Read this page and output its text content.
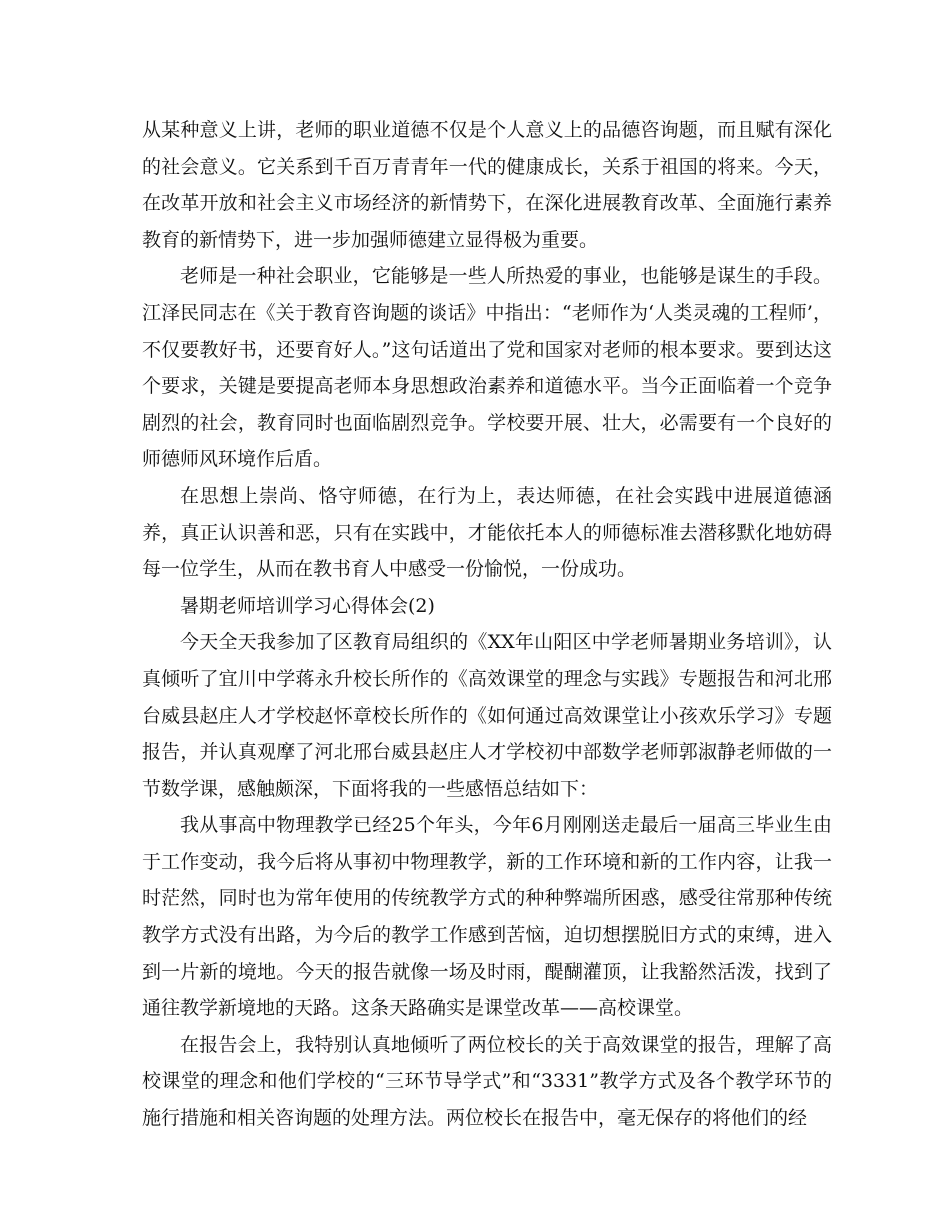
从某种意义上讲，老师的职业道德不仅是个人意义上的品德咨询题，而且赋有深化的社会意义。它关系到千百万青青年一代的健康成长，关系于祖国的将来。今天，在改革开放和社会主义市场经济的新情势下，在深化进展教育改革、全面施行素养教育的新情势下，进一步加强师德建立显得极为重要。

老师是一种社会职业，它能够是一些人所热爱的事业，也能够是谋生的手段。江泽民同志在《关于教育咨询题的谈话》中指出：“老师作为‘人类灵魂的工程师’，不仅要教好书，还要育好人。”这句话道出了党和国家对老师的根本要求。要到达这个要求，关键是要提高老师本身思想政治素养和道德水平。当今正面临着一个竞争剧烈的社会，教育同时也面临剧烈竞争。学校要开展、壮大，必需要有一个良好的师德师风环境作后盾。

在思想上崇尚、恪守师德，在行为上，表达师德，在社会实践中进展道德涵养，真正认识善和恶，只有在实践中，才能依托本人的师德标准去潜移默化地妨碍每一位学生，从而在教书育人中感受一份愉悦，一份成功。

暑期老师培训学习心得体会(2)

今天全天我参加了区教育局组织的《XX年山阳区中学老师暑期业务培训》，认真倾听了宜川中学蒋永升校长所作的《高效课堂的理念与实践》专题报告和河北邢台威县赵庄人才学校赵怀章校长所作的《如何通过高效课堂让小孩欢乐学习》专题报告，并认真观摩了河北邢台威县赵庄人才学校初中部数学老师郭淑静老师做的一节数学课，感触颇深，下面将我的一些感悟总结如下：

我从事高中物理教学已经25个年头，今年6月刚刚送走最后一届高三毕业生由于工作变动，我今后将从事初中物理教学，新的工作环境和新的工作内容，让我一时茫然，同时也为常年使用的传统教学方式的种种弊端所困惑，感受往常那种传统教学方式没有出路，为今后的教学工作感到苦恼，迫切想摆脱旧方式的束缚，进入到一片新的境地。今天的报告就像一场及时雨，醍醐灌顶，让我豁然活泼，找到了通往教学新境地的天路。这条天路确实是课堂改革——高校课堂。

在报告会上，我特别认真地倾听了两位校长的关于高效课堂的报告，理解了高校课堂的理念和他们学校的“三环节导学式”和“3331”教学方式及各个教学环节的施行措施和相关咨询题的处理方法。两位校长在报告中，毫无保存的将他们的经
